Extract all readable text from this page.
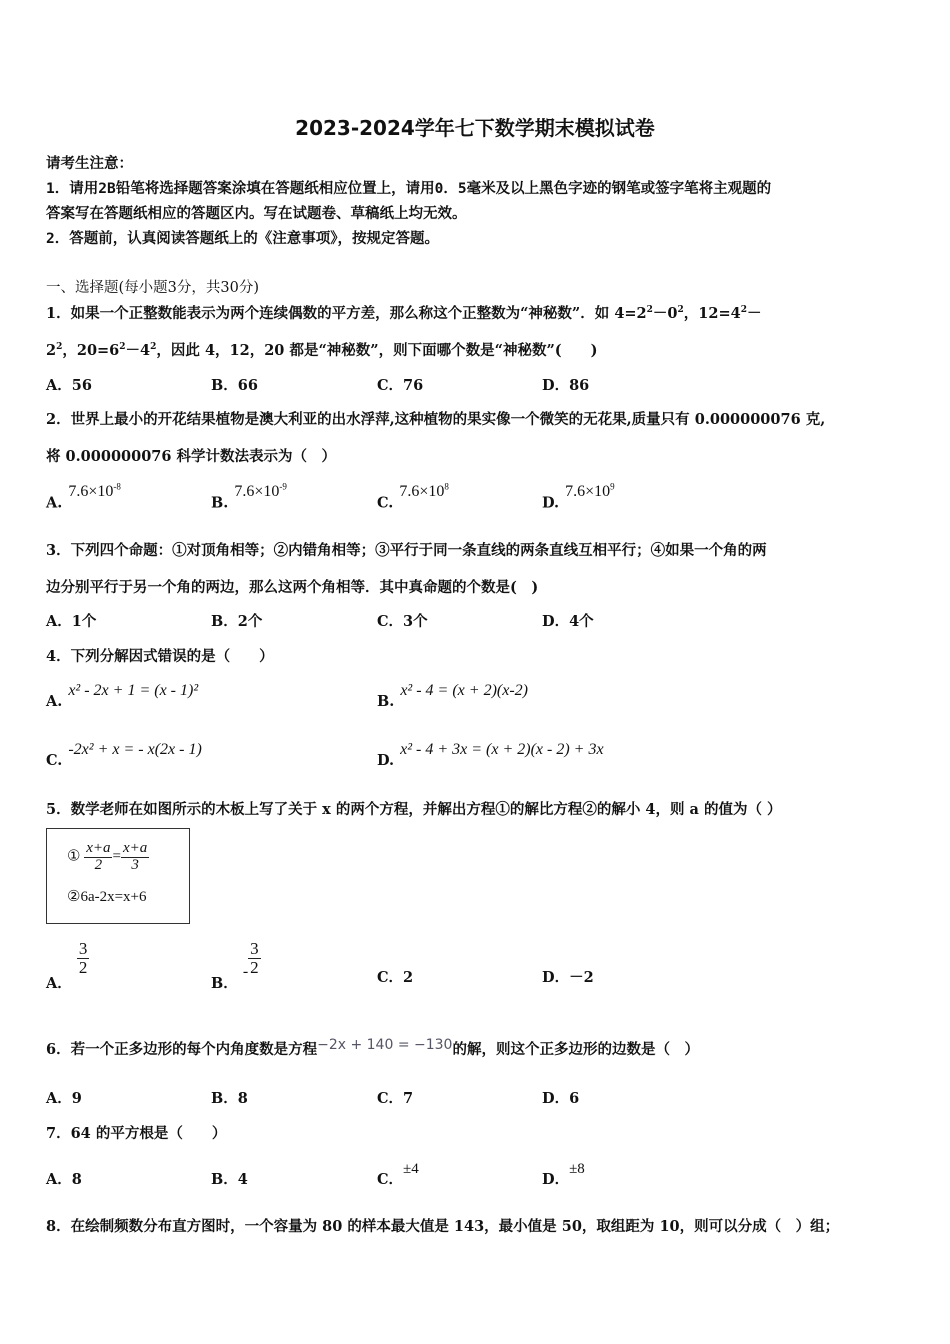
2023-2024学年七下数学期末模拟试卷
请考生注意：
1．请用2B铅笔将选择题答案涂填在答题纸相应位置上，请用0．5毫米及以上黑色字迹的钢笔或签字笔将主观题的
答案写在答题纸相应的答题区内。写在试题卷、草稿纸上均无效。
2．答题前，认真阅读答题纸上的《注意事项》，按规定答题。
一、选择题(每小题3分，共30分)
1．如果一个正整数能表示为两个连续偶数的平方差，那么称这个正整数为“神秘数”．如 $4=2^2-0^2$，$12=4^2-$
$2^2$，$20=6^2-4^2$，因此 4，12，20 都是“神秘数”，则下面哪个数是“神秘数”(　　)
A．56	B．66	C．76	D．86
2．世界上最小的开花结果植物是澳大利亚的出水浮萍,这种植物的果实像一个微笑的无花果,质量只有 0.000000076 克,
将 0.000000076 科学计数法表示为（　）
$A.7.6\times 10^{-8}$
$B.7.6\times 10^{-9}$
$C.7.6\times 10^8$
$D.7.6\times 10^9$
3．下列四个命题：①对顶角相等；②内错角相等；③平行于同一条直线的两条直线互相平行；④如果一个角的两
边分别平行于另一个角的两边，那么这两个角相等．其中真命题的个数是(　)
A．1个	B．2个	C．3个	D．4个
4．下列分解因式错误的是（　　）
A.x² - 2x + 1 = (x - 1)²
B.x² - 4 = (x + 2)(x-2)
C.-2x² + x = - x(2x - 1)
D.x² - 4 + 3x = (x + 2)(x - 2) + 3x
5．数学老师在如图所示的木板上写了关于 x 的两个方程，并解出方程①的解比方程②的解小 4，则 a 的值为（ ）
① $\frac{x+a}{2} = \frac{x+a}{3}$
②6a-2x=x+6
A．
$\frac{3}{2}$
B． - $\frac{3}{2}$
C．2	D．－2
6．若一个正多边形的每个内角度数是方程−2x + 140 = −130的解，则这个正多边形的边数是（　）
A．9	B．8	C．7	D．6
7．64 的平方根是（　　）
A．8	B．4	C．±4
D．±8
8．在绘制频数分布直方图时，一个容量为 80 的样本最大值是 143，最小值是 50，取组距为 10，则可以分成（　）组；
